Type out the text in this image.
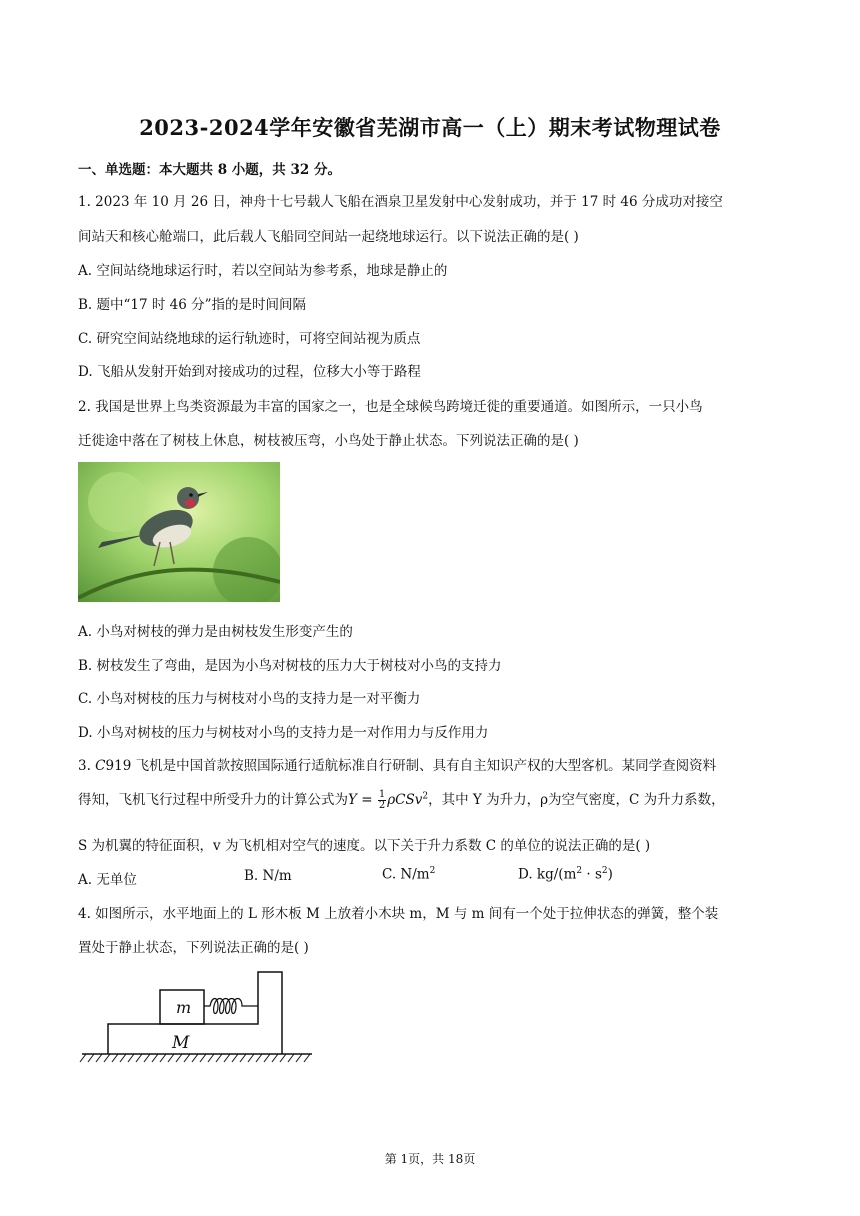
2023-2024学年安徽省芜湖市高一（上）期末考试物理试卷
一、单选题：本大题共 8 小题，共 32 分。
1. 2023 年 10 月 26 日，神舟十七号载人飞船在酒泉卫星发射中心发射成功，并于 17 时 46 分成功对接空
间站天和核心舱端口，此后载人飞船同空间站一起绕地球运行。以下说法正确的是( )
A. 空间站绕地球运行时，若以空间站为参考系，地球是静止的
B. 题中“17 时 46 分”指的是时间间隔
C. 研究空间站绕地球的运行轨迹时，可将空间站视为质点
D. 飞船从发射开始到对接成功的过程，位移大小等于路程
2. 我国是世界上鸟类资源最为丰富的国家之一，也是全球候鸟跨境迁徙的重要通道。如图所示，一只小鸟
迁徙途中落在了树枝上休息，树枝被压弯，小鸟处于静止状态。下列说法正确的是( )
A. 小鸟对树枝的弹力是由树枝发生形变产生的
B. 树枝发生了弯曲，是因为小鸟对树枝的压力大于树枝对小鸟的支持力
C. 小鸟对树枝的压力与树枝对小鸟的支持力是一对平衡力
D. 小鸟对树枝的压力与树枝对小鸟的支持力是一对作用力与反作用力
3. C919 飞机是中国首款按照国际通行适航标准自行研制、具有自主知识产权的大型客机。某同学查阅资料
得知，飞机飞行过程中所受升力的计算公式为$Y = \frac{1}{2} \rho CSv^2$，其中 Y 为升力，ρ为空气密度，C 为升力系数，
S 为机翼的特征面积，v 为飞机相对空气的速度。以下关于升力系数 C 的单位的说法正确的是( )
A. 无单位	B. N/m	C. $N/m^2$	D. $kg/(m^2 \cdot s^2)$
4. 如图所示，水平地面上的 L 形木板 M 上放着小木块 m，M 与 m 间有一个处于拉伸状态的弹簧，整个装
置处于静止状态，下列说法正确的是( )
m
M
第 1页，共 18页
